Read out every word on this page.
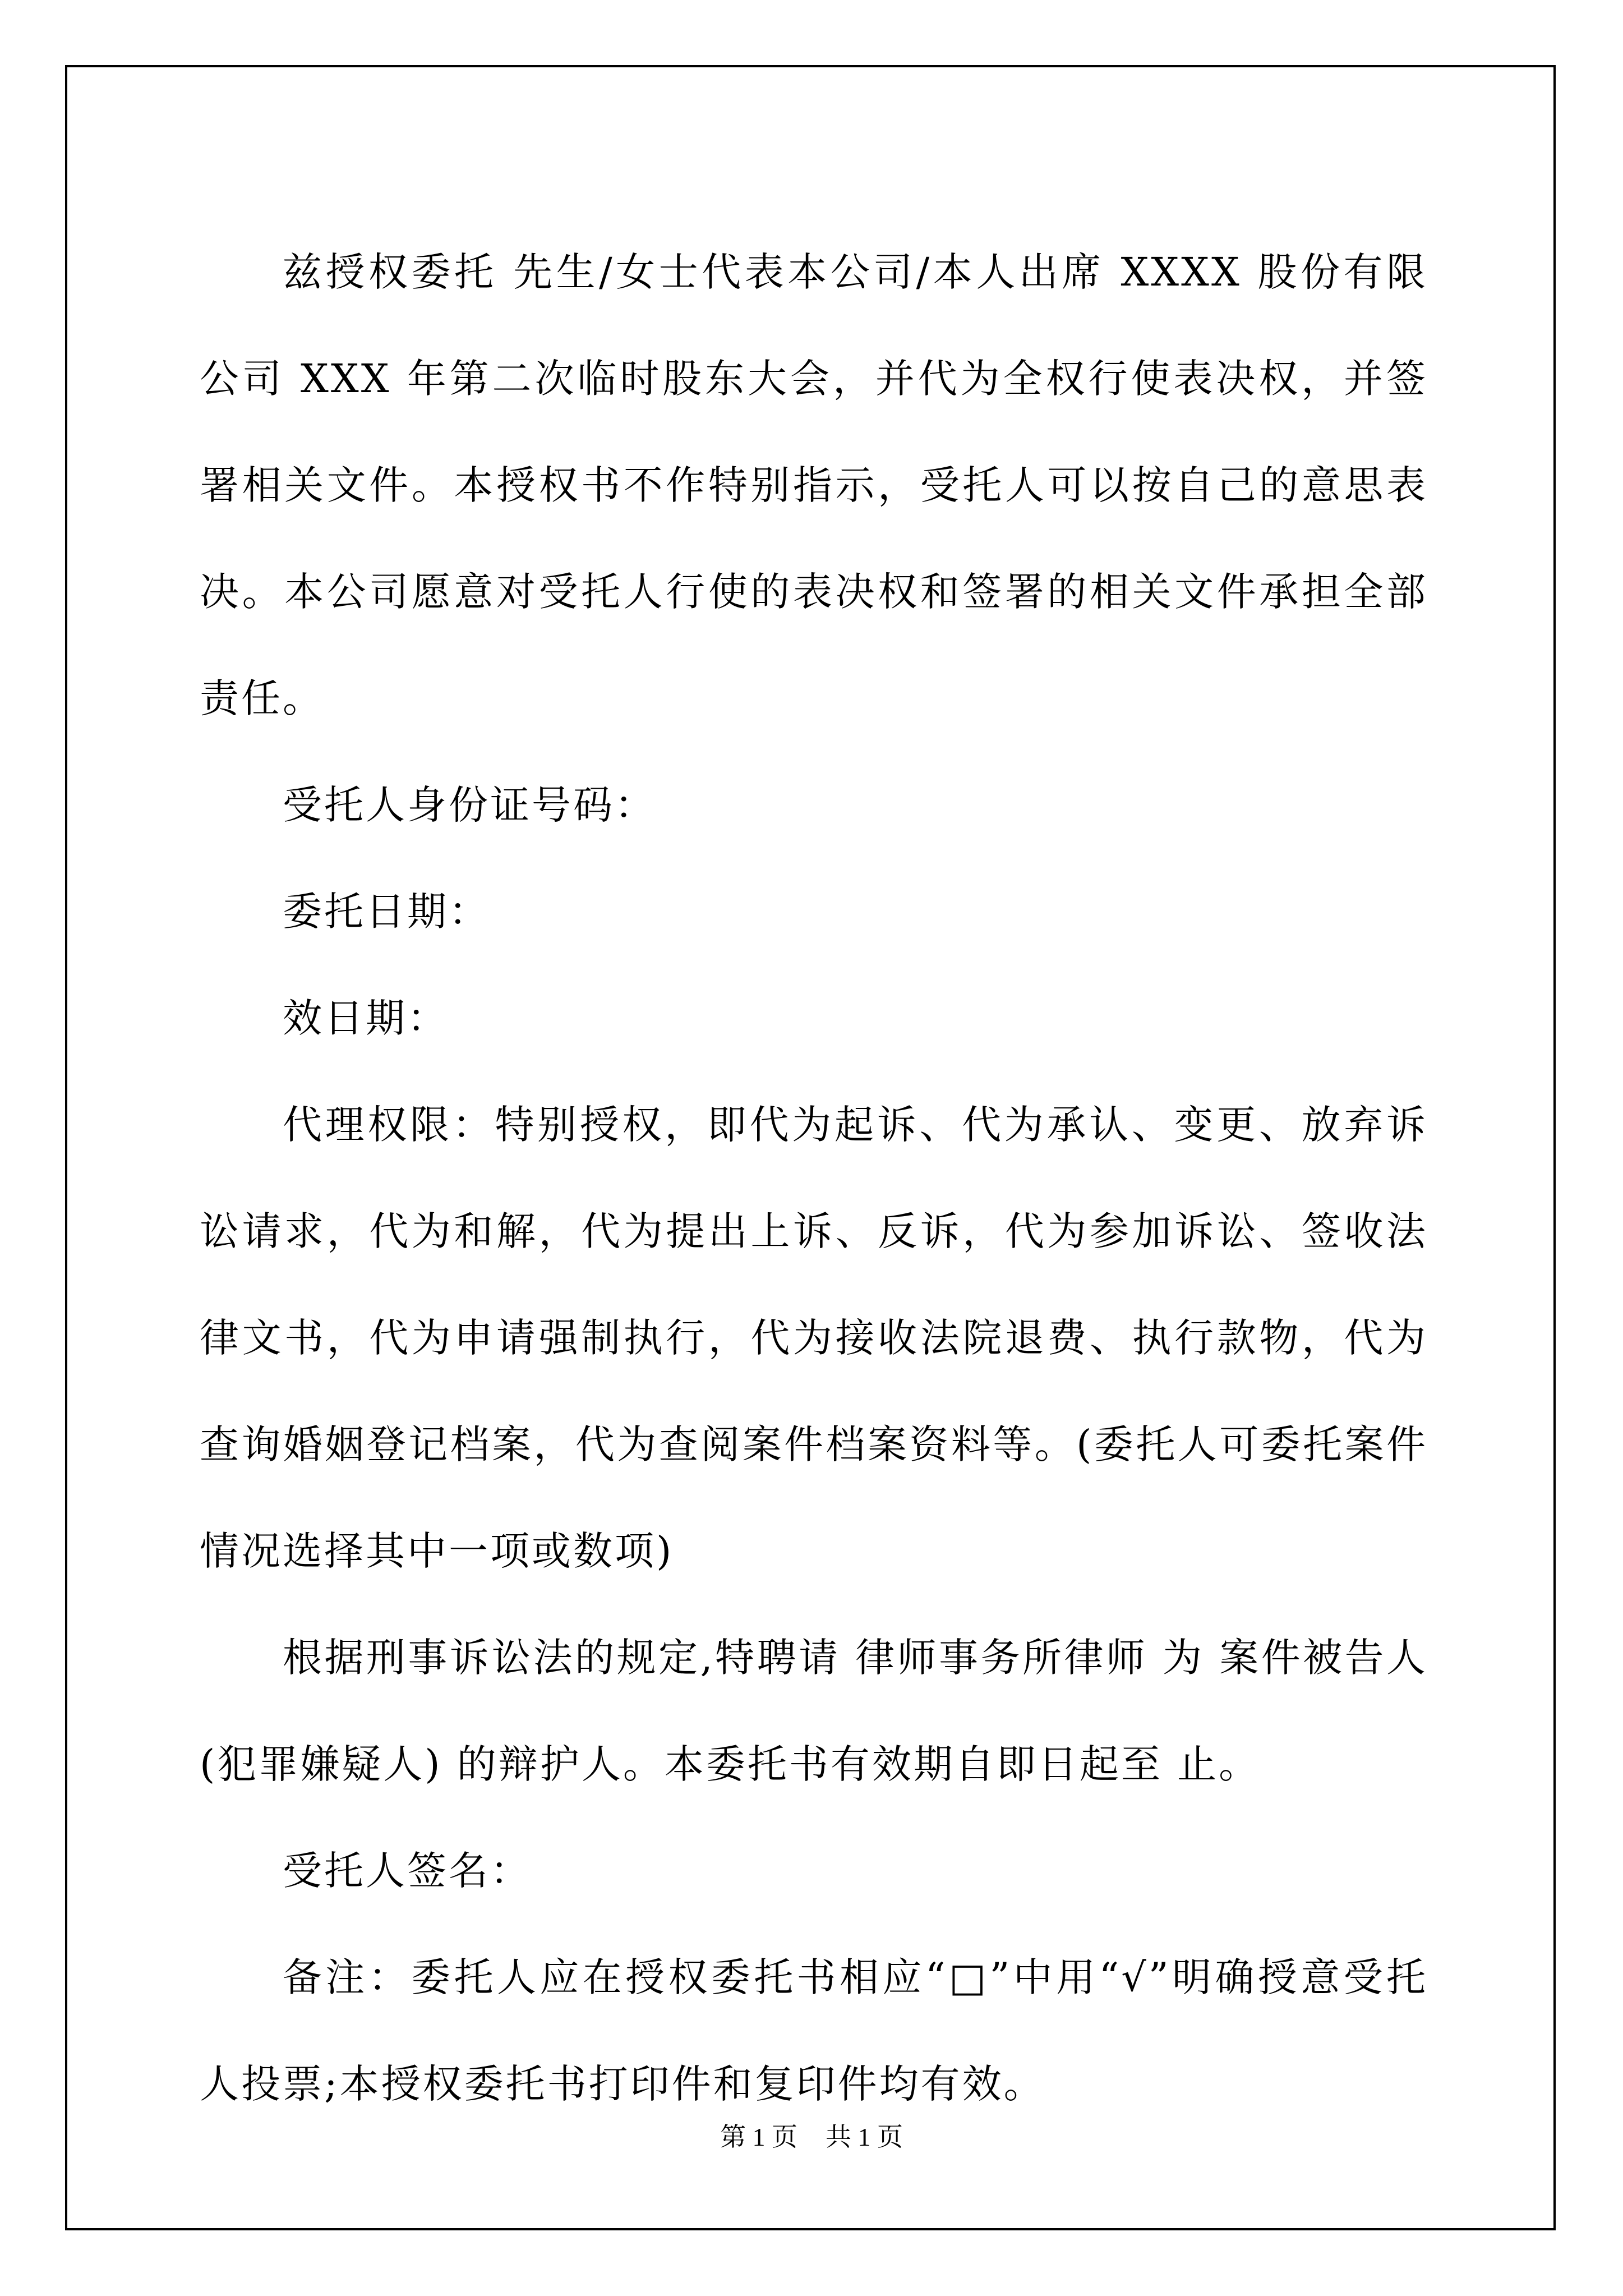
兹授权委托 先生/女士代表本公司/本人出席 XXXX 股份有限公司 XXX 年第二次临时股东大会，并代为全权行使表决权，并签署相关文件。本授权书不作特别指示，受托人可以按自己的意思表决。本公司愿意对受托人行使的表决权和签署的相关文件承担全部责任。

受托人身份证号码：

委托日期：

效日期：

代理权限：特别授权，即代为起诉、代为承认、变更、放弃诉讼请求，代为和解，代为提出上诉、反诉，代为参加诉讼、签收法律文书，代为申请强制执行，代为接收法院退费、执行款物，代为查询婚姻登记档案，代为查阅案件档案资料等。(委托人可委托案件情况选择其中一项或数项)

根据刑事诉讼法的规定,特聘请 律师事务所律师 为 案件被告人(犯罪嫌疑人) 的辩护人。本委托书有效期自即日起至 止。

受托人签名：

备注：委托人应在授权委托书相应“□”中用“√”明确授意受托人投票;本授权委托书打印件和复印件均有效。

第 1 页 共 1 页
